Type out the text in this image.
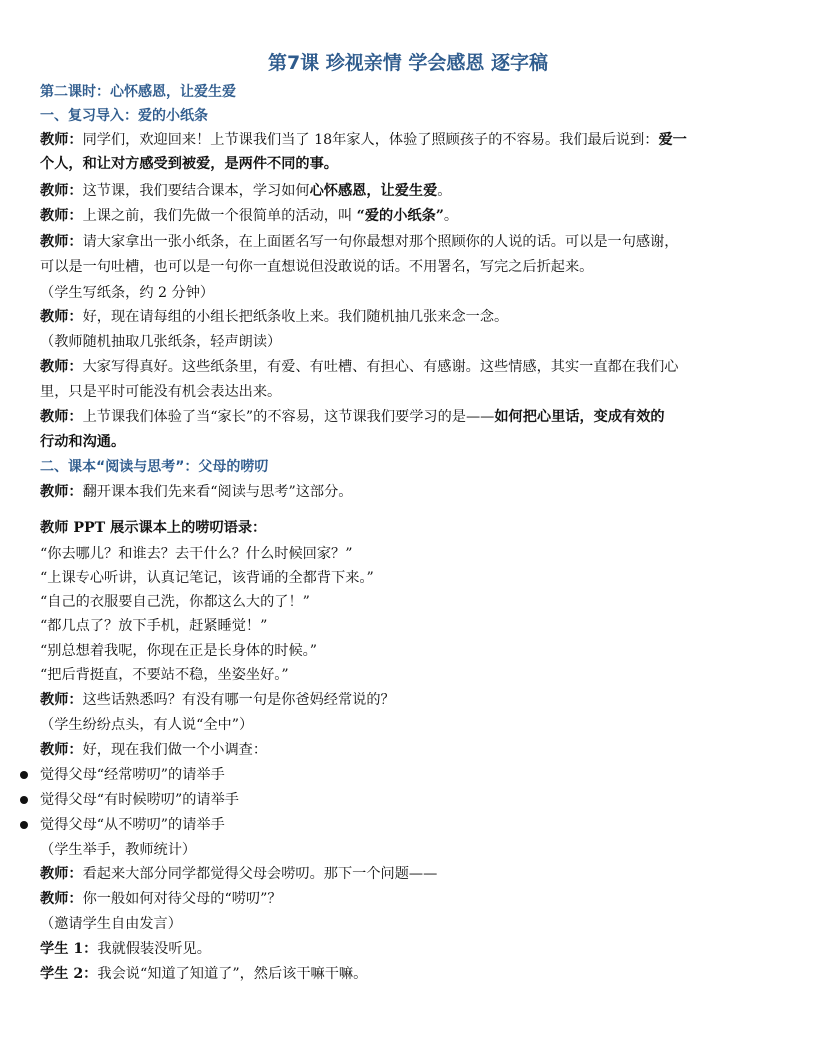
第7课 珍视亲情 学会感恩 逐字稿
第二课时：心怀感恩，让爱生爱
一、复习导入：爱的小纸条
教师：同学们，欢迎回来！上节课我们当了 18年家人，体验了照顾孩子的不容易。我们最后说到：爱一
个人，和让对方感受到被爱，是两件不同的事。
教师：这节课，我们要结合课本，学习如何心怀感恩，让爱生爱。
教师：上课之前，我们先做一个很简单的活动，叫 “爱的小纸条”。
教师：请大家拿出一张小纸条，在上面匿名写一句你最想对那个照顾你的人说的话。可以是一句感谢，
可以是一句吐槽，也可以是一句你一直想说但没敢说的话。不用署名，写完之后折起来。
（学生写纸条，约 2 分钟）
教师：好，现在请每组的小组长把纸条收上来。我们随机抽几张来念一念。
（教师随机抽取几张纸条，轻声朗读）
教师：大家写得真好。这些纸条里，有爱、有吐槽、有担心、有感谢。这些情感，其实一直都在我们心
里，只是平时可能没有机会表达出来。
教师：上节课我们体验了当“家长”的不容易，这节课我们要学习的是——如何把心里话，变成有效的
行动和沟通。
二、课本“阅读与思考”：父母的唠叨
教师：翻开课本我们先来看“阅读与思考”这部分。
教师 PPT 展示课本上的唠叨语录：
“你去哪儿？和谁去？去干什么？什么时候回家？”
“上课专心听讲，认真记笔记，该背诵的全都背下来。”
“自己的衣服要自己洗，你都这么大的了！”
“都几点了？放下手机，赶紧睡觉！”
“别总想着我呢，你现在正是长身体的时候。”
“把后背挺直，不要站不稳，坐姿坐好。”
教师：这些话熟悉吗？有没有哪一句是你爸妈经常说的？
（学生纷纷点头，有人说“全中”）
教师：好，现在我们做一个小调查：
觉得父母“经常唠叨”的请举手
觉得父母“有时候唠叨”的请举手
觉得父母“从不唠叨”的请举手
（学生举手，教师统计）
教师：看起来大部分同学都觉得父母会唠叨。那下一个问题——
教师：你一般如何对待父母的“唠叨”？
（邀请学生自由发言）
学生 1：我就假装没听见。
学生 2：我会说“知道了知道了”，然后该干嘛干嘛。
